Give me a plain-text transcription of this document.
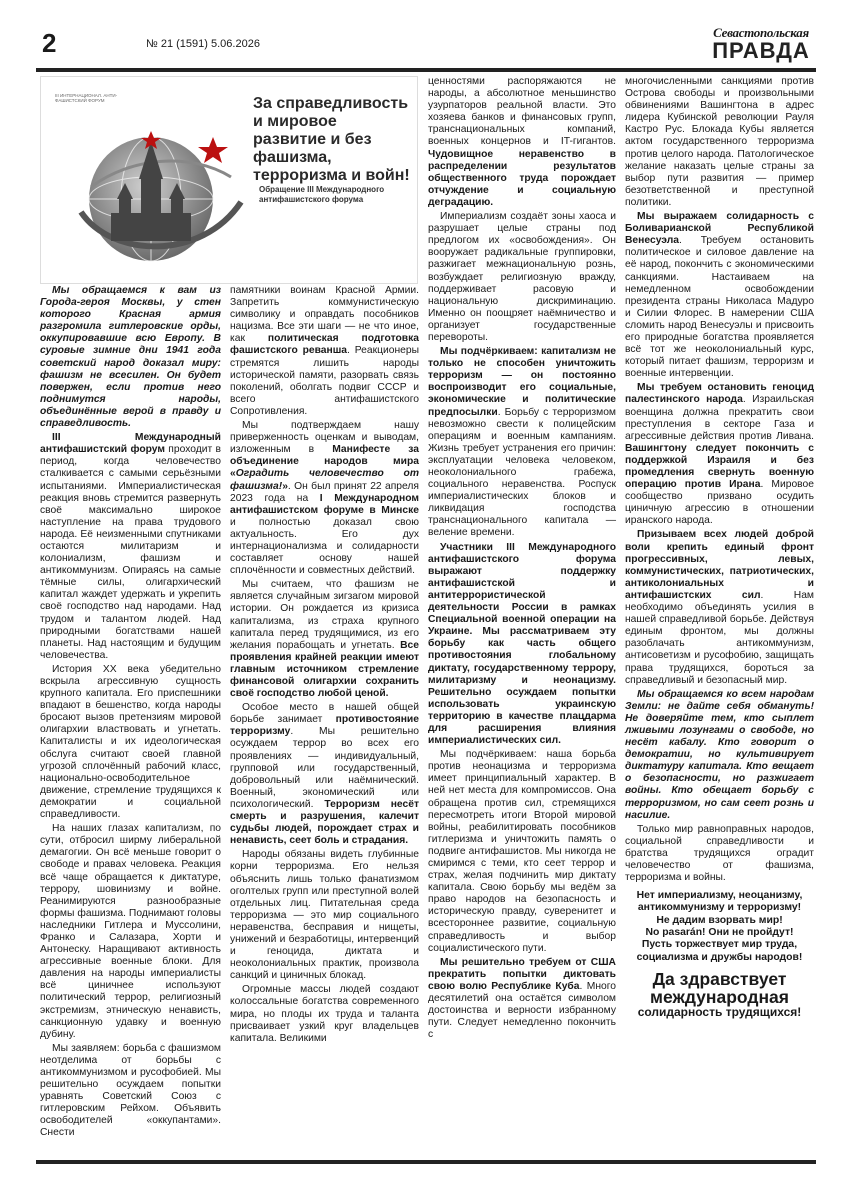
2	№ 21 (1591) 5.06.2026
Севастопольская
ПРАВДА
III ИНТЕРНАЦИОНАЛ. АНТИ-ФАШИСТСКИЙ ФОРУМ	За справедливость и мировое развитие и без фашизма, терроризма и войн!
Обращение III Международного антифашистского форума

Мы обращаемся к вам из Города-героя Москвы, у стен которого Красная армия разгромила гитлеровские орды, оккупировавшие всю Европу. В суровые зимние дни 1941 года советский народ доказал миру: фашизм не всесилен. Он будет повержен, если против него поднимутся народы, объединённые верой в правду и справедливость.

III Международный антифашистский форум проходит в период, когда человечество сталкивается с самыми серьёзными испытаниями. Империалистическая реакция вновь стремится развернуть своё максимально широкое наступление на права трудового народа. Её неизменными спутниками остаются милитаризм и колониализм, фашизм и антикоммунизм. Опираясь на самые тёмные силы, олигархический капитал жаждет удержать и укрепить своё господство над народами. Над трудом и талантом людей. Над природными богатствами нашей планеты. Над настоящим и будущим человечества.

История XX века убедительно вскрыла агрессивную сущность крупного капитала. Его приспешники впадают в бешенство, когда народы бросают вызов претензиям мировой олигархии властвовать и угнетать. Капиталисты и их идеологическая обслуга считают своей главной угрозой сплочённый рабочий класс, национально-освободительное движение, стремление трудящихся к демократии и социальной справедливости.

На наших глазах капитализм, по сути, отбросил ширму либеральной демагогии. Он всё меньше говорит о свободе и правах человека. Реакция всё чаще обращается к диктатуре, террору, шовинизму и войне. Реанимируются разнообразные формы фашизма. Поднимают головы наследники Гитлера и Муссолини, Франко и Салазара, Хорти и Антонеску. Наращивают активность агрессивные военные блоки. Для давления на народы империалисты всё циничнее используют политический террор, религиозный экстремизм, этническую ненависть, санкционную удавку и военную дубину.

Мы заявляем: борьба с фашизмом неотделима от борьбы с антикоммунизмом и русофобией. Мы решительно осуждаем попытки уравнять Советский Союз с гитлеровским Рейхом. Объявить освободителей «оккупантами». Снести

памятники воинам Красной Армии. Запретить коммунистическую символику и оправдать пособников нацизма. Все эти шаги — не что иное, как политическая подготовка фашистского реванша. Реакционеры стремятся лишить народы исторической памяти, разорвать связь поколений, оболгать подвиг СССР и всего антифашистского Сопротивления.

Мы подтверждаем нашу приверженность оценкам и выводам, изложенным в Манифесте за объединение народов мира «Оградить человечество от фашизма!». Он был принят 22 апреля 2023 года на I Международном антифашистском форуме в Минске и полностью доказал свою актуальность. Его дух интернационализма и солидарности составляет основу нашей сплочённости и совместных действий.

Мы считаем, что фашизм не является случайным зигзагом мировой истории. Он рождается из кризиса капитализма, из страха крупного капитала перед трудящимися, из его желания порабощать и угнетать. Все проявления крайней реакции имеют главным источником стремление финансовой олигархии сохранить своё господство любой ценой.

Особое место в нашей общей борьбе занимает противостояние терроризму. Мы решительно осуждаем террор во всех его проявлениях — индивидуальный, групповой или государственный, добровольный или наёмнический. Военный, экономический или психологический. Терроризм несёт смерть и разрушения, калечит судьбы людей, порождает страх и ненависть, сеет боль и страдания.

Народы обязаны видеть глубинные корни терроризма. Его нельзя объяснить лишь только фанатизмом оголтелых групп или преступной волей отдельных лиц. Питательная среда терроризма — это мир социального неравенства, бесправия и нищеты, унижений и безработицы, интервенций и геноцида, диктата и неоколониальных практик, произвола санкций и циничных блокад.

Огромные массы людей создают колоссальные богатства современного мира, но плоды их труда и таланта присваивает узкий круг владельцев капитала. Великими

ценностями распоряжаются не народы, а абсолютное меньшинство узурпаторов реальной власти. Это хозяева банков и финансовых групп, транснациональных компаний, военных концернов и IT-гигантов. Чудовищное неравенство в распределении результатов общественного труда порождает отчуждение и социальную деградацию.

Империализм создаёт зоны хаоса и разрушает целые страны под предлогом их «освобождения». Он вооружает радикальные группировки, разжигает межнациональную рознь, возбуждает религиозную вражду, поддерживает расовую и национальную дискриминацию. Именно он поощряет наёмничество и организует государственные перевороты.

Мы подчёркиваем: капитализм не только не способен уничтожить терроризм — он постоянно воспроизводит его социальные, экономические и политические предпосылки. Борьбу с терроризмом невозможно свести к полицейским операциям и военным кампаниям. Жизнь требует устранения его причин: эксплуатации человека человеком, неоколониального грабежа, социального неравенства. Роспуск империалистических блоков и ликвидация господства транснационального капитала — веление времени.

Участники III Международного антифашистского форума выражают поддержку антифашистской и антитеррористической деятельности России в рамках Специальной военной операции на Украине. Мы рассматриваем эту борьбу как часть общего противостояния глобальному диктату, государственному террору, милитаризму и неонацизму. Решительно осуждаем попытки использовать украинскую территорию в качестве плацдарма для расширения влияния империалистических сил.

Мы подчёркиваем: наша борьба против неонацизма и терроризма имеет принципиальный характер. В ней нет места для компромиссов. Она обращена против сил, стремящихся пересмотреть итоги Второй мировой войны, реабилитировать пособников гитлеризма и уничтожить память о подвиге антифашистов. Мы никогда не смиримся с теми, кто сеет террор и страх, желая подчинить мир диктату капитала. Свою борьбу мы ведём за право народов на безопасность и историческую правду, суверенитет и всестороннее развитие, социальную справедливость и выбор социалистического пути.

Мы решительно требуем от США прекратить попытки диктовать свою волю Республике Куба. Много десятилетий она остаётся символом достоинства и верности избранному пути. Следует немедленно покончить с

многочисленными санкциями против Острова свободы и произвольными обвинениями Вашингтона в адрес лидера Кубинской революции Рауля Кастро Рус. Блокада Кубы является актом государственного терроризма против целого народа. Патологическое желание наказать целые страны за выбор пути развития — пример безответственной и преступной политики.

Мы выражаем солидарность с Боливарианской Республикой Венесуэла. Требуем остановить политическое и силовое давление на её народ, покончить с экономическими санкциями. Настаиваем на немедленном освобождении президента страны Николаса Мадуро и Силии Флорес. В намерении США сломить народ Венесуэлы и присвоить его природные богатства проявляется всё тот же неоколониальный курс, который питает фашизм, терроризм и военные интервенции.

Мы требуем остановить геноцид палестинского народа. Израильская военщина должна прекратить свои преступления в секторе Газа и агрессивные действия против Ливана. Вашингтону следует покончить с поддержкой Израиля и без промедления свернуть военную операцию против Ирана. Мировое сообщество призвано осудить циничную агрессию в отношении иранского народа.

Призываем всех людей доброй воли крепить единый фронт прогрессивных, левых, коммунистических, патриотических, антиколониальных и антифашистских сил. Нам необходимо объединять усилия в нашей справедливой борьбе. Действуя единым фронтом, мы должны разоблачать антикоммунизм, антисоветизм и русофобию, защищать права трудящихся, бороться за справедливый и безопасный мир.

Мы обращаемся ко всем народам Земли: не дайте себя обмануть! Не доверяйте тем, кто сыплет лживыми лозунгами о свободе, но несёт кабалу. Кто говорит о демократии, но культивирует диктатуру капитала. Кто вещает о безопасности, но разжигает войны. Кто обещает борьбу с терроризмом, но сам сеет рознь и насилие.

Только мир равноправных народов, социальной справедливости и братства трудящихся оградит человечество от фашизма, терроризма и войны.

Нет империализму, неоцанизму, антикоммунизму и терроризму!
Не дадим взорвать мир!
No pasarán! Они не пройдут!
Пусть торжествует мир труда, социализма и дружбы народов!
Да здравствует международная
солидарность трудящихся!
